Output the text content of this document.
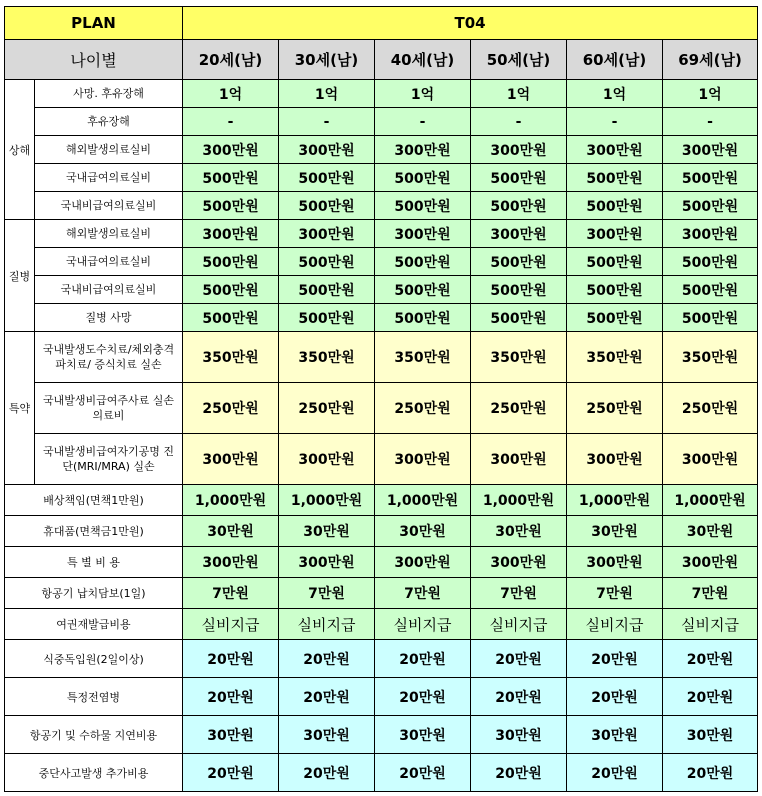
PLAN		T04					
나이별		20세(남)	30세(남)	40세(남)	50세(남)	60세(남)	69세(남)
상해	사망. 후유장해	1억	1억	1억	1억	1억	1억
	후유장해	-	-	-	-	-	-
	해외발생의료실비	300만원	300만원	300만원	300만원	300만원	300만원
	국내급여의료실비	500만원	500만원	500만원	500만원	500만원	500만원
	국내비급여의료실비	500만원	500만원	500만원	500만원	500만원	500만원
질병	해외발생의료실비	300만원	300만원	300만원	300만원	300만원	300만원
	국내급여의료실비	500만원	500만원	500만원	500만원	500만원	500만원
	국내비급여의료실비	500만원	500만원	500만원	500만원	500만원	500만원
	질병 사망	500만원	500만원	500만원	500만원	500만원	500만원
특약	국내발생도수치료/체외충격파치료/ 증식치료 실손	350만원	350만원	350만원	350만원	350만원	350만원
	국내발생비급여주사료 실손의료비	250만원	250만원	250만원	250만원	250만원	250만원
	국내발생비급여자기공명 진단(MRI/MRA) 실손	300만원	300만원	300만원	300만원	300만원	300만원
배상책임(면책1만원)		1,000만원	1,000만원	1,000만원	1,000만원	1,000만원	1,000만원
휴대품(면책금1만원)		30만원	30만원	30만원	30만원	30만원	30만원
특 별 비 용		300만원	300만원	300만원	300만원	300만원	300만원
항공기 납치담보(1일)		7만원	7만원	7만원	7만원	7만원	7만원
여권재발급비용		실비지급	실비지급	실비지급	실비지급	실비지급	실비지급
식중독입원(2일이상)		20만원	20만원	20만원	20만원	20만원	20만원
특정전염병		20만원	20만원	20만원	20만원	20만원	20만원
항공기 및 수하물 지연비용		30만원	30만원	30만원	30만원	30만원	30만원
중단사고발생 추가비용		20만원	20만원	20만원	20만원	20만원	20만원
